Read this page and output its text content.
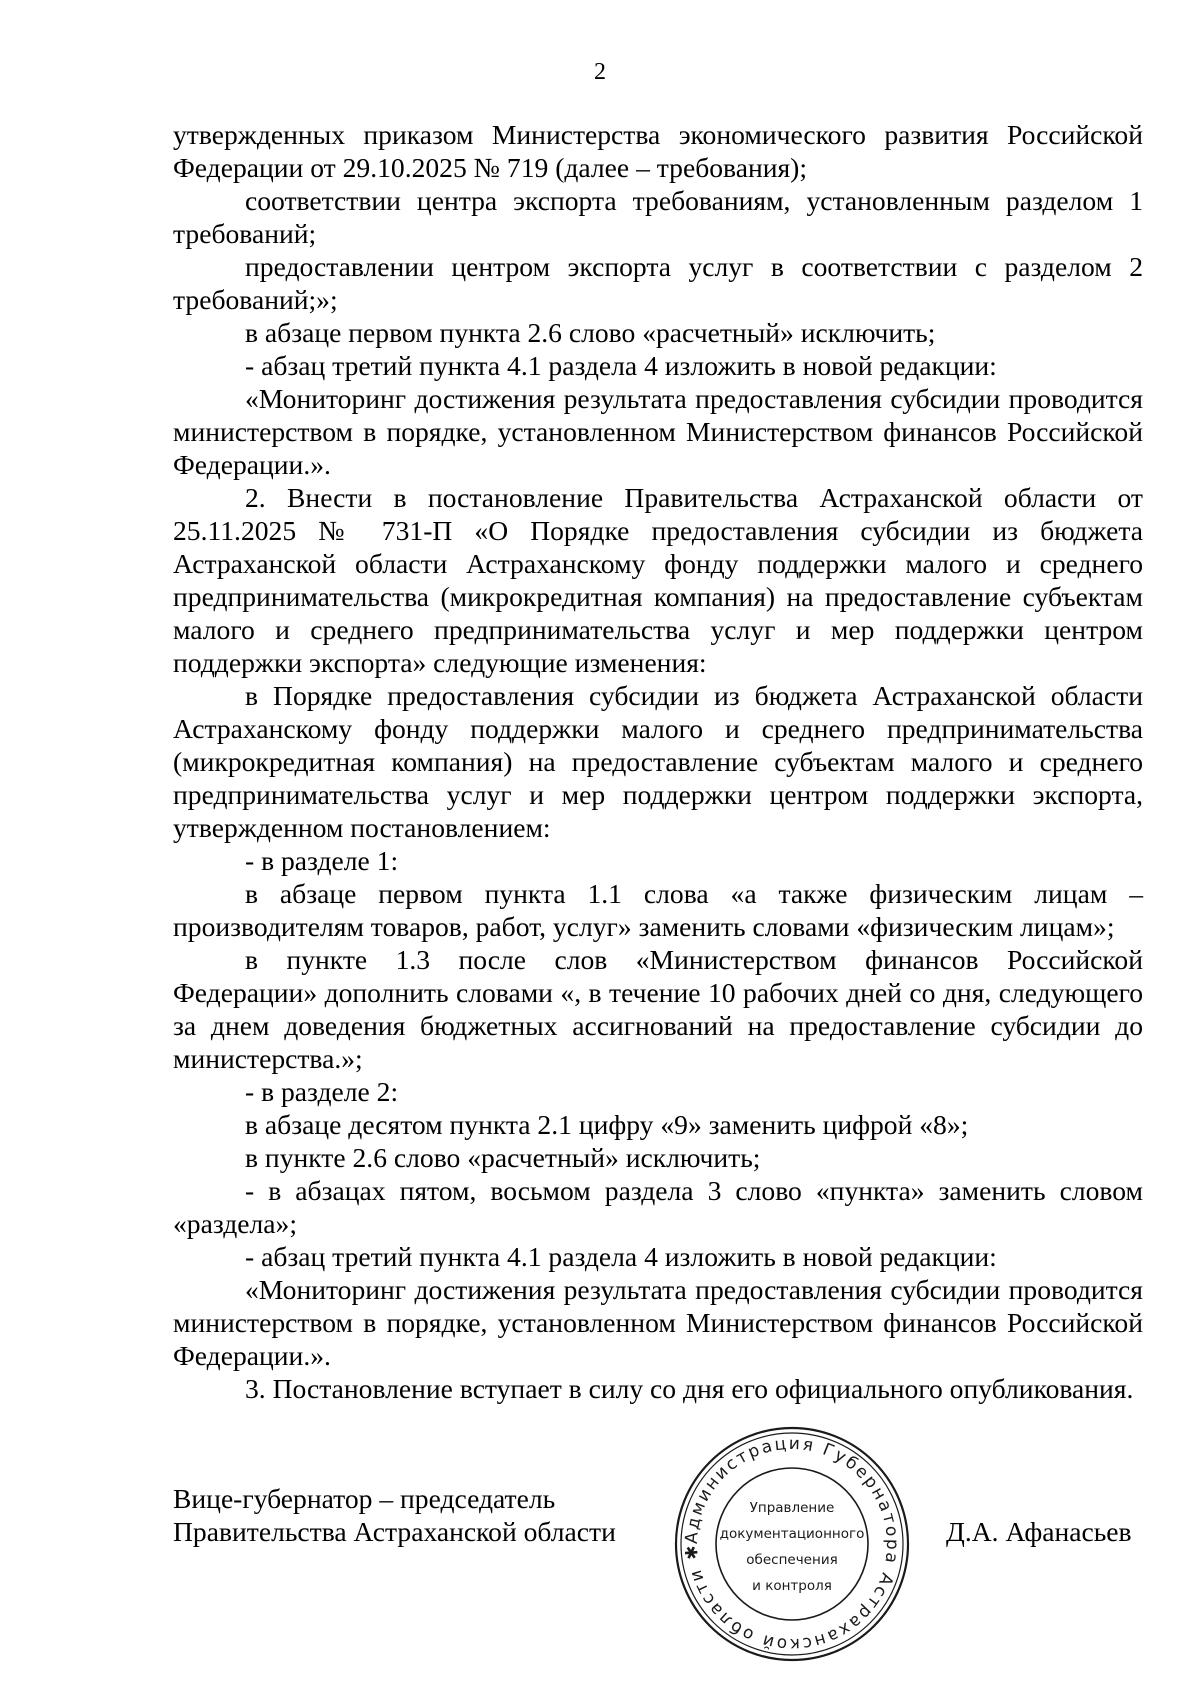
2

утвержденных приказом Министерства экономического развития Российской Федерации от 29.10.2025 № 719 (далее – требования);

соответствии центра экспорта требованиям, установленным разделом 1 требований;

предоставлении центром экспорта услуг в соответствии с разделом 2 требований;»;

в абзаце первом пункта 2.6 слово «расчетный» исключить;

- абзац третий пункта 4.1 раздела 4 изложить в новой редакции:

«Мониторинг достижения результата предоставления субсидии проводится министерством в порядке, установленном Министерством финансов Российской Федерации.».

2. Внести в постановление Правительства Астраханской области от 25.11.2025 № 731-П «О Порядке предоставления субсидии из бюджета Астраханской области Астраханскому фонду поддержки малого и среднего предпринимательства (микрокредитная компания) на предоставление субъектам малого и среднего предпринимательства услуг и мер поддержки центром поддержки экспорта» следующие изменения:

в Порядке предоставления субсидии из бюджета Астраханской области Астраханскому фонду поддержки малого и среднего предпринимательства (микрокредитная компания) на предоставление субъектам малого и среднего предпринимательства услуг и мер поддержки центром поддержки экспорта, утвержденном постановлением:

- в разделе 1:

в абзаце первом пункта 1.1 слова «а также физическим лицам – производителям товаров, работ, услуг» заменить словами «физическим лицам»;

в пункте 1.3 после слов «Министерством финансов Российской Федерации» дополнить словами «, в течение 10 рабочих дней со дня, следующего за днем доведения бюджетных ассигнований на предоставление субсидии до министерства.»;

- в разделе 2:

в абзаце десятом пункта 2.1 цифру «9» заменить цифрой «8»;

в пункте 2.6 слово «расчетный» исключить;

- в абзацах пятом, восьмом раздела 3 слово «пункта» заменить словом «раздела»;

- абзац третий пункта 4.1 раздела 4 изложить в новой редакции:

«Мониторинг достижения результата предоставления субсидии проводится министерством в порядке, установленном Министерством финансов Российской Федерации.».

3. Постановление вступает в силу со дня его официального опубликования.

Вице-губернатор – председатель
Правительства Астраханской области	Администрация Губернатора Астраханской области ✱
Управление
документационного
обеспечения
и контроля
Д.А. Афанасьев
